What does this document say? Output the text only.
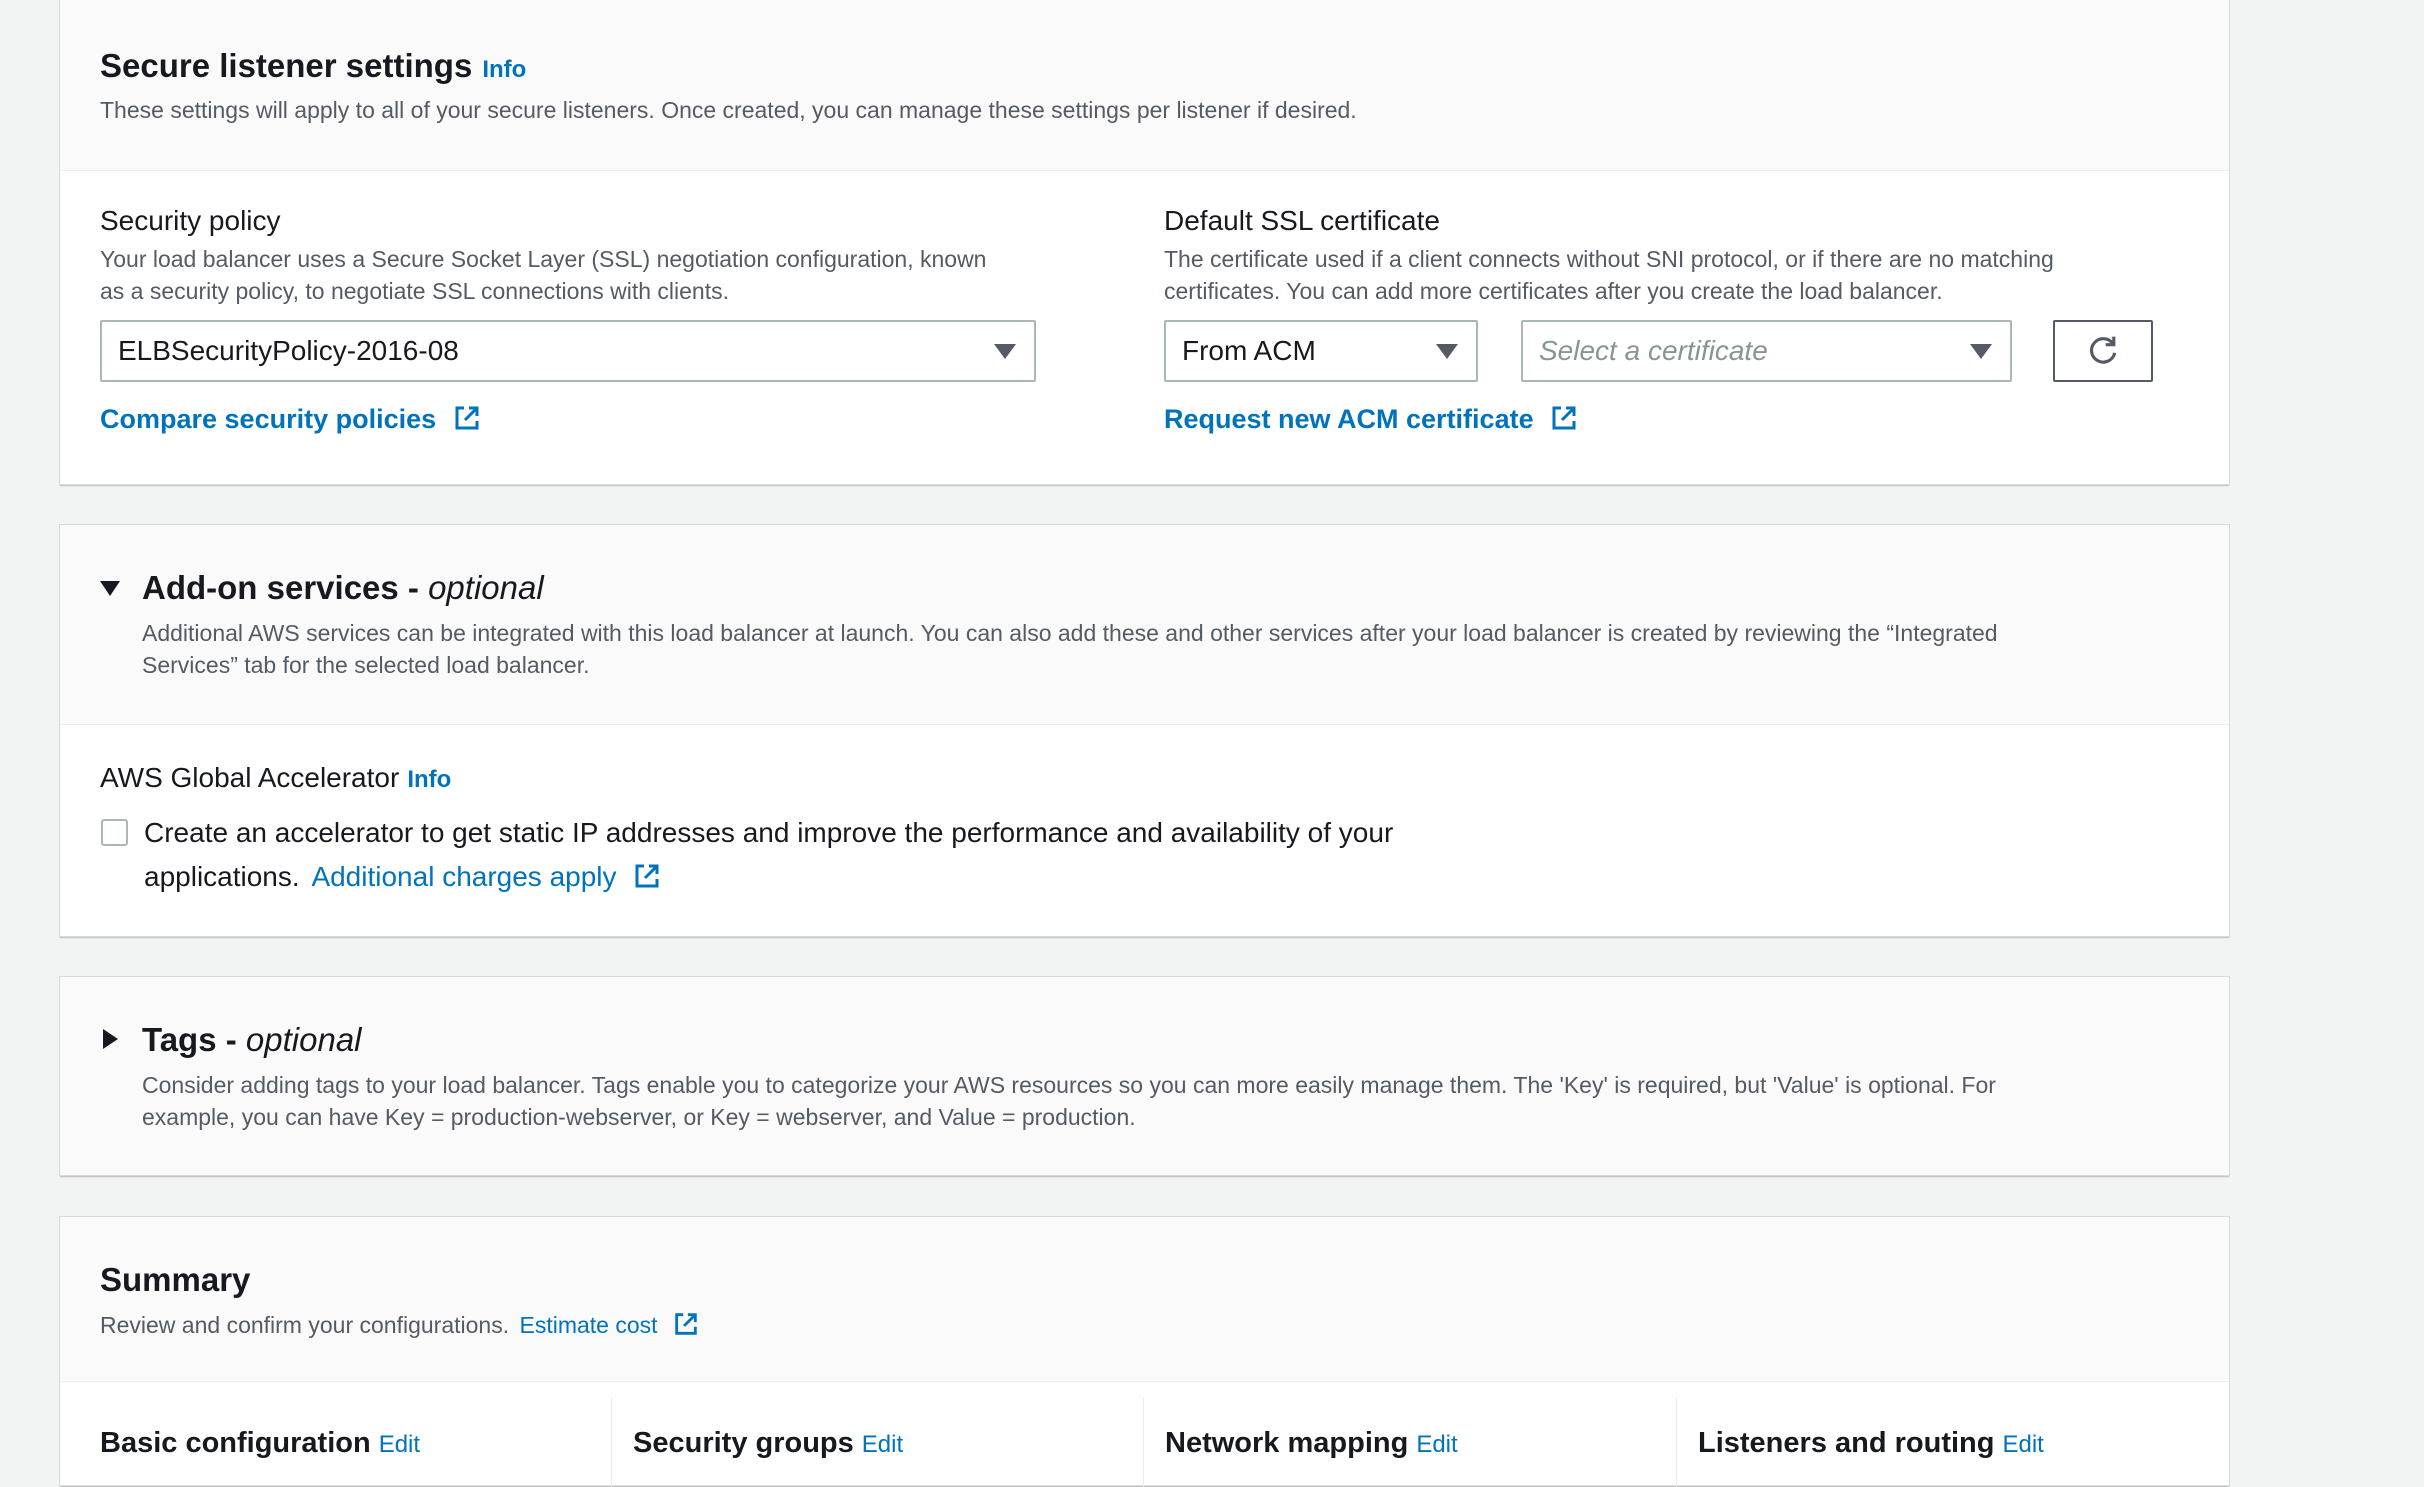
Secure listener settings Info
These settings will apply to all of your secure listeners. Once created, you can manage these settings per listener if desired.
Security policy
Your load balancer uses a Secure Socket Layer (SSL) negotiation configuration, known
as a security policy, to negotiate SSL connections with clients.
ELBSecurityPolicy-2016-08
Compare security policies
Default SSL certificate
The certificate used if a client connects without SNI protocol, or if there are no matching
certificates. You can add more certificates after you create the load balancer.
From ACM	Select a certificate
Request new ACM certificate
Add-on services - optional
Additional AWS services can be integrated with this load balancer at launch. You can also add these and other services after your load balancer is created by reviewing the “Integrated
Services” tab for the selected load balancer.
AWS Global Accelerator Info
Create an accelerator to get static IP addresses and improve the performance and availability of your
applications. Additional charges apply
Tags - optional
Consider adding tags to your load balancer. Tags enable you to categorize your AWS resources so you can more easily manage them. The 'Key' is required, but 'Value' is optional. For
example, you can have Key = production-webserver, or Key = webserver, and Value = production.
Summary
Review and confirm your configurations. Estimate cost
Basic configuration Edit	Security groups Edit	Network mapping Edit	Listeners and routing Edit
